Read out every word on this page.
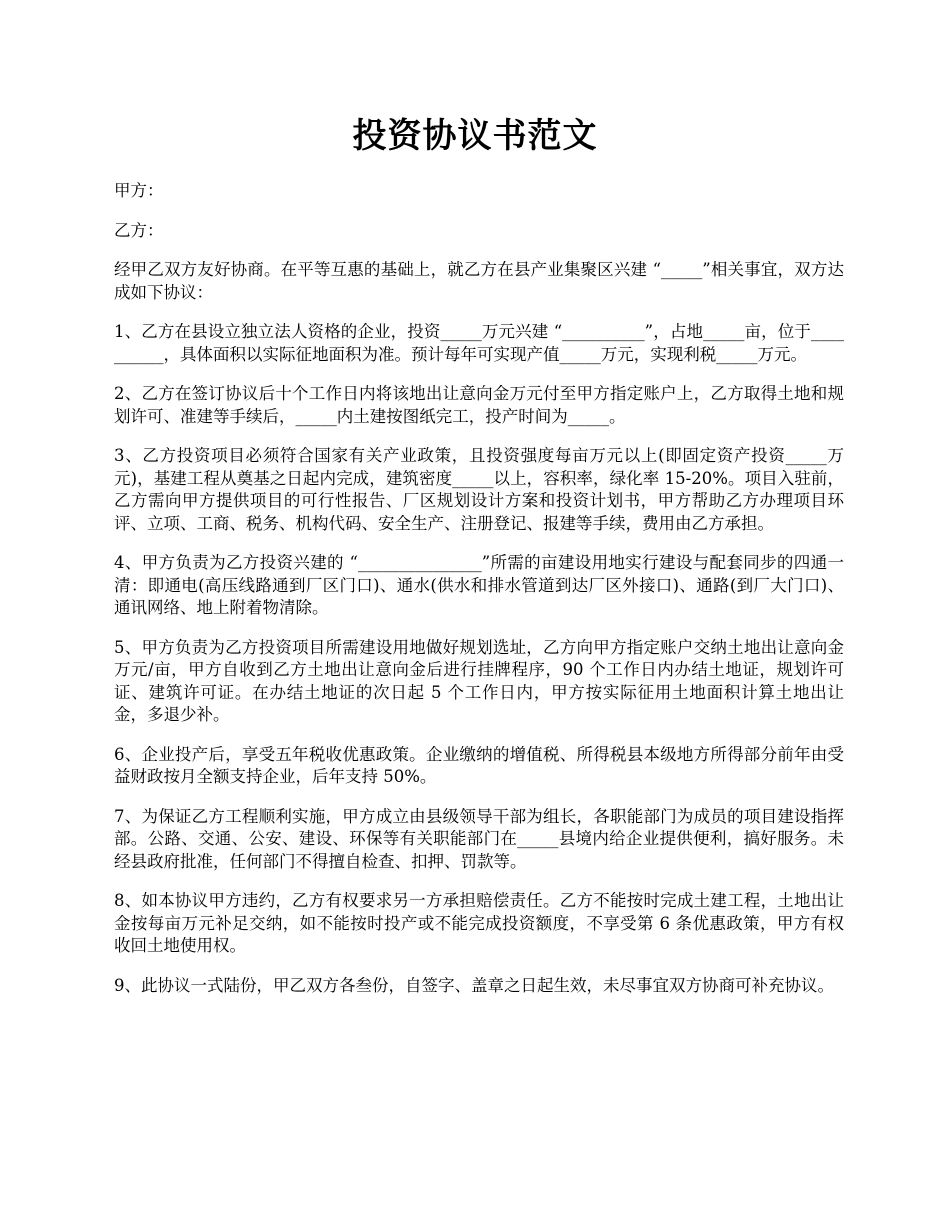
投资协议书范文

甲方：

乙方：

经甲乙双方友好协商。在平等互惠的基础上，就乙方在县产业集聚区兴建 “_____”相关事宜，双方达成如下协议：

1、乙方在县设立独立法人资格的企业，投资_____万元兴建 “__________”，占地_____亩，位于__________，具体面积以实际征地面积为准。预计每年可实现产值_____万元，实现利税_____万元。

2、乙方在签订协议后十个工作日内将该地出让意向金万元付至甲方指定账户上，乙方取得土地和规划许可、准建等手续后，_____内土建按图纸完工，投产时间为_____。

3、乙方投资项目必须符合国家有关产业政策，且投资强度每亩万元以上(即固定资产投资_____万元)，基建工程从奠基之日起内完成，建筑密度_____以上，容积率，绿化率 15-20%。项目入驻前，乙方需向甲方提供项目的可行性报告、厂区规划设计方案和投资计划书，甲方帮助乙方办理项目环评、立项、工商、税务、机构代码、安全生产、注册登记、报建等手续，费用由乙方承担。

4、甲方负责为乙方投资兴建的 “_______________”所需的亩建设用地实行建设与配套同步的四通一清：即通电(高压线路通到厂区门口)、通水(供水和排水管道到达厂区外接口)、通路(到厂大门口)、通讯网络、地上附着物清除。

5、甲方负责为乙方投资项目所需建设用地做好规划选址，乙方向甲方指定账户交纳土地出让意向金万元/亩，甲方自收到乙方土地出让意向金后进行挂牌程序，90 个工作日内办结土地证，规划许可证、建筑许可证。在办结土地证的次日起 5 个工作日内，甲方按实际征用土地面积计算土地出让金，多退少补。

6、企业投产后，享受五年税收优惠政策。企业缴纳的增值税、所得税县本级地方所得部分前年由受益财政按月全额支持企业，后年支持 50%。

7、为保证乙方工程顺利实施，甲方成立由县级领导干部为组长，各职能部门为成员的项目建设指挥部。公路、交通、公安、建设、环保等有关职能部门在_____县境内给企业提供便利，搞好服务。未经县政府批准，任何部门不得擅自检查、扣押、罚款等。

8、如本协议甲方违约，乙方有权要求另一方承担赔偿责任。乙方不能按时完成土建工程，土地出让金按每亩万元补足交纳，如不能按时投产或不能完成投资额度，不享受第 6 条优惠政策，甲方有权收回土地使用权。

9、此协议一式陆份，甲乙双方各叁份，自签字、盖章之日起生效，未尽事宜双方协商可补充协议。
